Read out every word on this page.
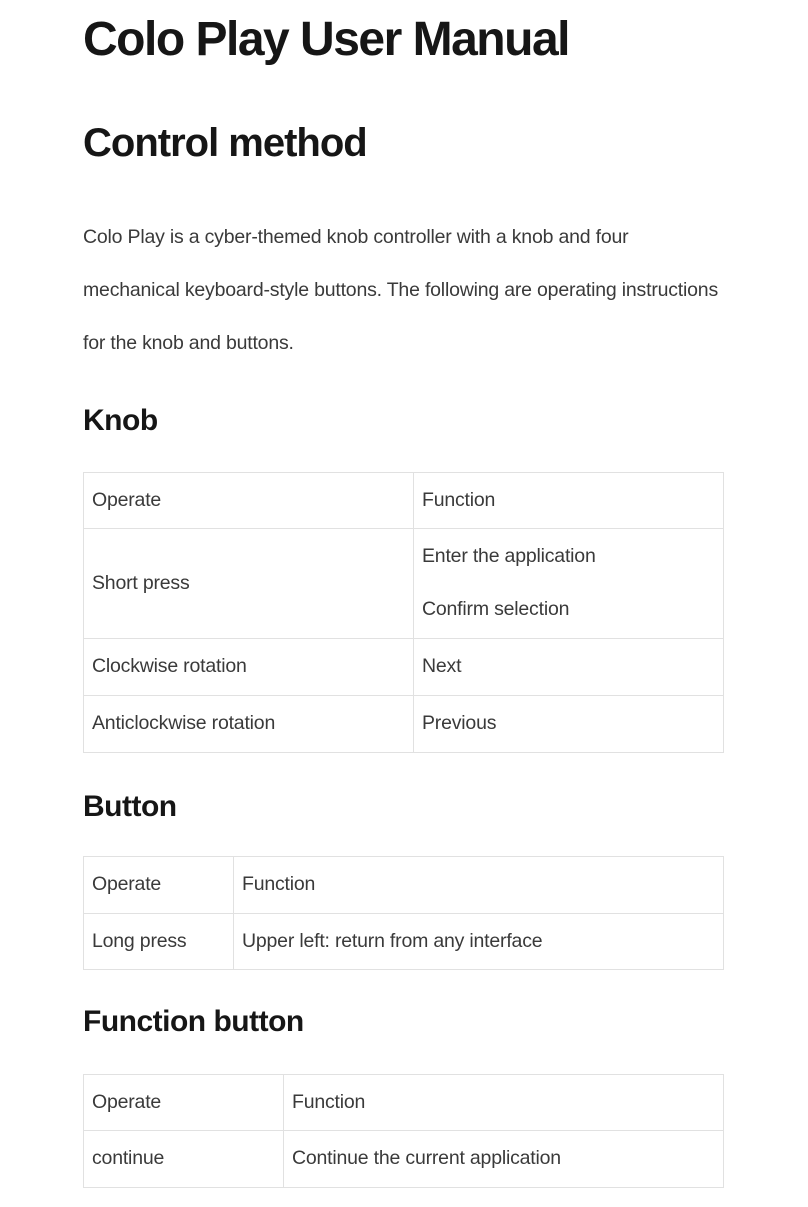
Colo Play User Manual
Control method

Colo Play is a cyber-themed knob controller with a knob and four mechanical keyboard-style buttons. The following are operating instructions for the knob and buttons.

Knob
Operate	Function
Short press	Enter the application
Confirm selection

Clockwise rotation	Next
Anticlockwise rotation	Previous
Button
Operate	Function
Long press	Upper left: return from any interface
Function button
Operate	Function
continue	Continue the current application
